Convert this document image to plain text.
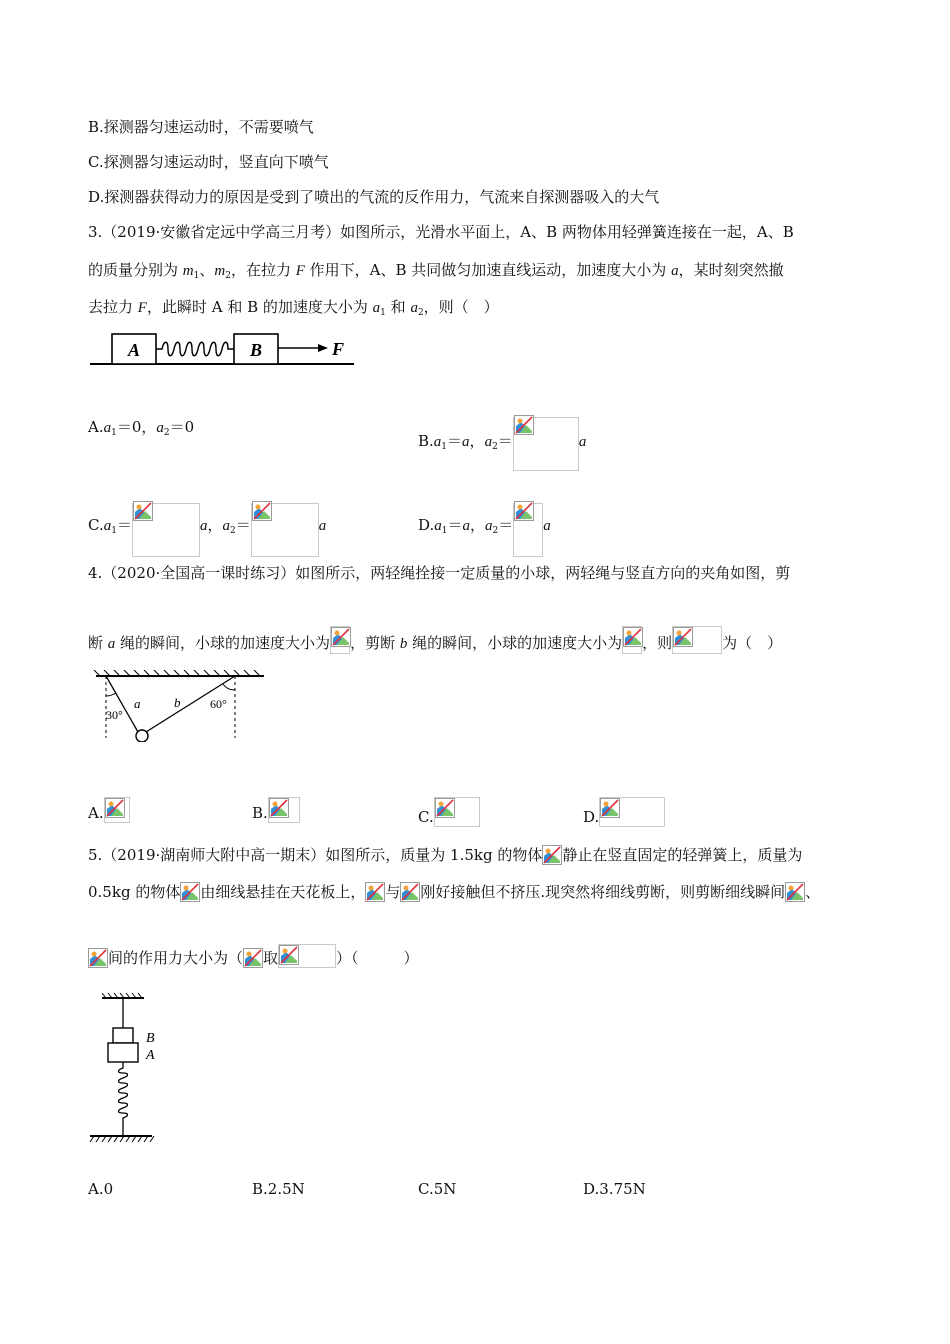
B.探测器匀速运动时，不需要喷气
C.探测器匀速运动时，竖直向下喷气
D.探测器获得动力的原因是受到了喷出的气流的反作用力，气流来自探测器吸入的大气
3.（2019·安徽省定远中学高三月考）如图所示，光滑水平面上，A、B 两物体用轻弹簧连接在一起，A、B
的质量分别为 $m_1$、$m_2$，在拉力 F 作用下，A、B 共同做匀加速直线运动，加速度大小为 a，某时刻突然撤
去拉力 F，此瞬时 A 和 B 的加速度大小为 $a_1$ 和 $a_2$，则（　）
A	B	F
$A.a_1=0$，$a_2=0$
$B.a_1=a$，$a_2=$	a
$C.a_1=$	a，$a_2=$	a	$D.a_1=a$，$a_2= a$
4.（2020·全国高一课时练习）如图所示，两轻绳拴接一定质量的小球，两轻绳与竖直方向的夹角如图，剪
断 a 绳的瞬间，小球的加速度大小为 ，剪断 b 绳的瞬间，小球的加速度大小为 ，则	为（　）
30°
60°
a	b
A.	B.	C.	D.
5.（2019·湖南师大附中高一期末）如图所示，质量为 1.5kg 的物体 静止在竖直固定的轻弹簧上，质量为
0.5kg 的物体 由细线悬挂在天花板上， 与 刚好接触但不挤压.现突然将细线剪断，则剪断细线瞬间 、
间的作用力大小为（ 取	）（　　　）
B
A
A.0	B.2.5N	C.5N	D.3.75N
